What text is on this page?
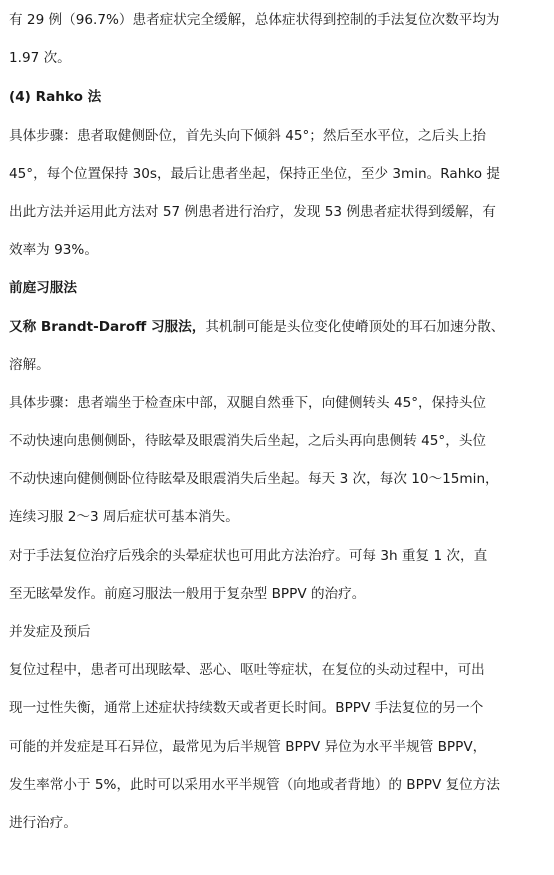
有 29 例（96.7%）患者症状完全缓解，总体症状得到控制的手法复位次数平均为
1.97 次。
(4) Rahko 法
具体步骤：患者取健侧卧位，首先头向下倾斜 45°；然后至水平位，之后头上抬
45°，每个位置保持 30s，最后让患者坐起，保持正坐位，至少 3min。Rahko 提
出此方法并运用此方法对 57 例患者进行治疗，发现 53 例患者症状得到缓解，有
效率为 93%。
前庭习服法
又称 Brandt-Daroff 习服法，其机制可能是头位变化使嵴顶处的耳石加速分散、
溶解。
具体步骤：患者端坐于检查床中部，双腿自然垂下，向健侧转头 45°，保持头位
不动快速向患侧侧卧，待眩晕及眼震消失后坐起，之后头再向患侧转 45°，头位
不动快速向健侧侧卧位待眩晕及眼震消失后坐起。每天 3 次，每次 10～15min，
连续习服 2～3 周后症状可基本消失。
对于手法复位治疗后残余的头晕症状也可用此方法治疗。可每 3h 重复 1 次，直
至无眩晕发作。前庭习服法一般用于复杂型 BPPV 的治疗。
并发症及预后
复位过程中，患者可出现眩晕、恶心、呕吐等症状，在复位的头动过程中，可出
现一过性失衡，通常上述症状持续数天或者更长时间。BPPV 手法复位的另一个
可能的并发症是耳石异位，最常见为后半规管 BPPV 异位为水平半规管 BPPV，
发生率常小于 5%，此时可以采用水平半规管（向地或者背地）的 BPPV 复位方法
进行治疗。
